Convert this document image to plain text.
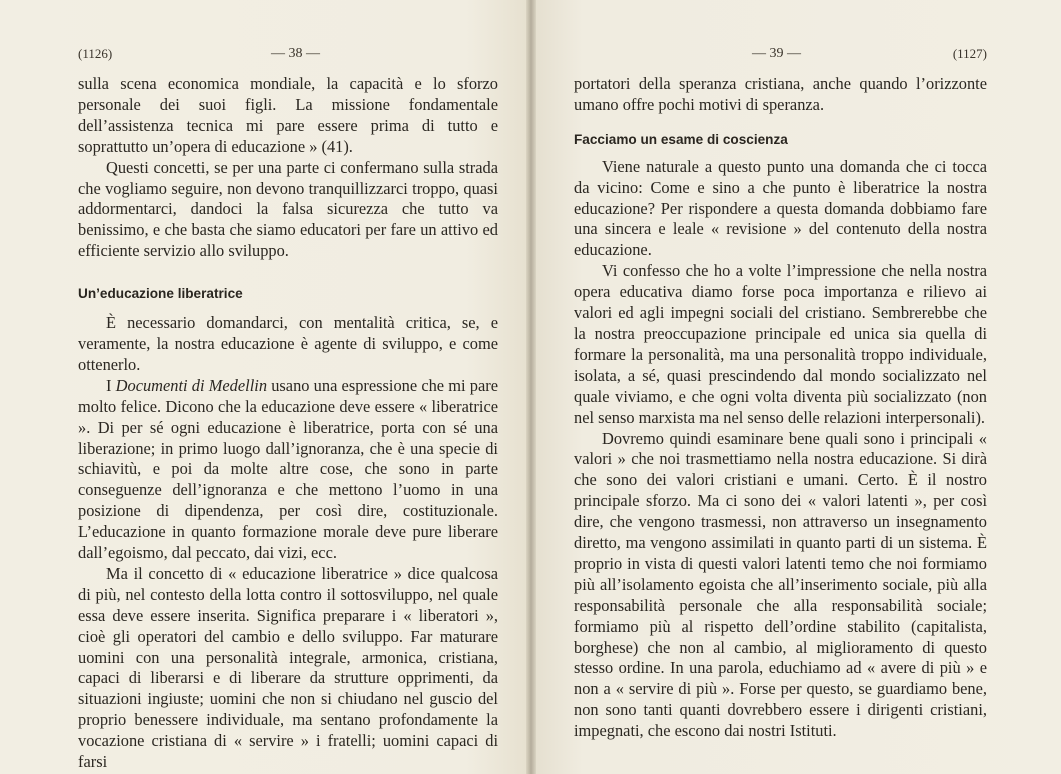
(1126)	— 38 —

sulla scena economica mondiale, la capacità e lo sforzo personale dei suoi figli. La missione fondamentale dell’assistenza tecnica mi pare essere prima di tutto e soprattutto un’opera di educazione » (41).

Questi concetti, se per una parte ci confermano sulla strada che vogliamo seguire, non devono tranquillizzarci troppo, quasi addormentarci, dandoci la falsa sicurezza che tutto va benissimo, e che basta che siamo educatori per fare un attivo ed efficiente servizio allo sviluppo.

Un’educazione liberatrice

È necessario domandarci, con mentalità critica, se, e veramente, la nostra educazione è agente di sviluppo, e come ottenerlo.

I Documenti di Medellin usano una espressione che mi pare molto felice. Dicono che la educazione deve essere « liberatrice ». Di per sé ogni educazione è liberatrice, porta con sé una liberazione; in primo luogo dall’ignoranza, che è una specie di schiavitù, e poi da molte altre cose, che sono in parte conseguenze dell’ignoranza e che mettono l’uomo in una posizione di dipendenza, per così dire, costituzionale. L’educazione in quanto formazione morale deve pure liberare dall’egoismo, dal peccato, dai vizi, ecc.

Ma il concetto di « educazione liberatrice » dice qualcosa di più, nel contesto della lotta contro il sottosviluppo, nel quale essa deve essere inserita. Significa preparare i « liberatori », cioè gli operatori del cambio e dello sviluppo. Far maturare uomini con una personalità integrale, armonica, cristiana, capaci di liberarsi e di liberare da strutture opprimenti, da situazioni ingiuste; uomini che non si chiudano nel guscio del proprio benessere individuale, ma sentano profondamente la vocazione cristiana di « servire » i fratelli; uomini capaci di farsi

— 39 —	(1127)

portatori della speranza cristiana, anche quando l’orizzonte umano offre pochi motivi di speranza.

Facciamo un esame di coscienza

Viene naturale a questo punto una domanda che ci tocca da vicino: Come e sino a che punto è liberatrice la nostra educazione? Per rispondere a questa domanda dobbiamo fare una sincera e leale « revisione » del contenuto della nostra educazione.

Vi confesso che ho a volte l’impressione che nella nostra opera educativa diamo forse poca importanza e rilievo ai valori ed agli impegni sociali del cristiano. Sembrerebbe che la nostra preoccupazione principale ed unica sia quella di formare la personalità, ma una personalità troppo individuale, isolata, a sé, quasi prescindendo dal mondo socializzato nel quale viviamo, e che ogni volta diventa più socializzato (non nel senso marxista ma nel senso delle relazioni interpersonali).

Dovremo quindi esaminare bene quali sono i principali « valori » che noi trasmettiamo nella nostra educazione. Si dirà che sono dei valori cristiani e umani. Certo. È il nostro principale sforzo. Ma ci sono dei « valori latenti », per così dire, che vengono trasmessi, non attraverso un insegnamento diretto, ma vengono assimilati in quanto parti di un sistema. È proprio in vista di questi valori latenti temo che noi formiamo più all’isolamento egoista che all’inserimento sociale, più alla responsabilità personale che alla responsabilità sociale; formiamo più al rispetto dell’ordine stabilito (capitalista, borghese) che non al cambio, al miglioramento di questo stesso ordine. In una parola, educhiamo ad « avere di più » e non a « servire di più ». Forse per questo, se guardiamo bene, non sono tanti quanti dovrebbero essere i dirigenti cristiani, impegnati, che escono dai nostri Istituti.
